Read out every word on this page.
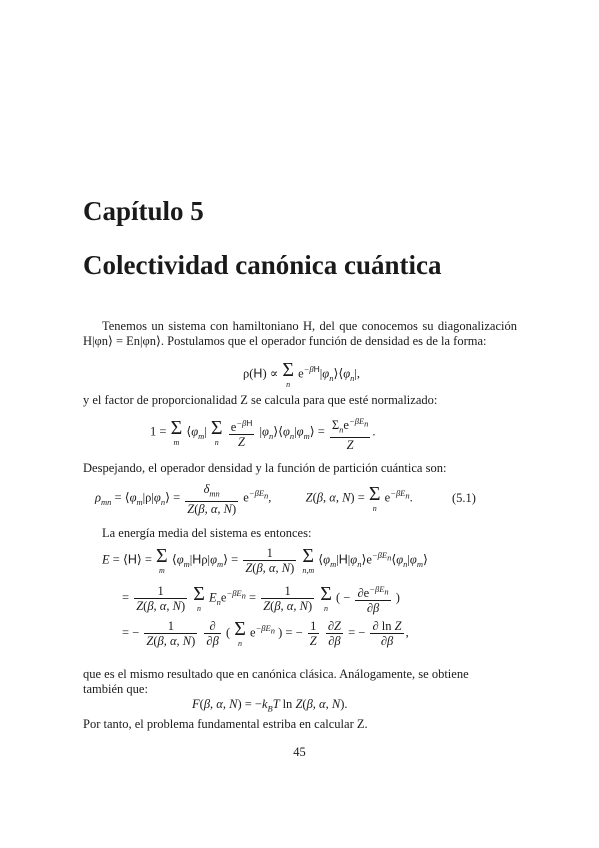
Capítulo 5
Colectividad canónica cuántica
Tenemos un sistema con hamiltoniano H, del que conocemos su diagonalización H|φn⟩ = En|φn⟩. Postulamos que el operador función de densidad es de la forma:
ρ(H) ∝ Σ
n
$e^{-\beta H}|\varphi_n⟩⟨\varphi_n|$,
y el factor de proporcionalidad Z se calcula para que esté normalizado:
1 = Σ
m
$⟨\varphi_m|$ Σ
n
$\frac{e^{-\beta H}}{Z}$ $|\varphi_n⟩⟨\varphi_n|\varphi_m⟩ = \frac{\Sigma_ne^{-\beta E_n}}{Z}$ .
Despejando, el operador densidad y la función de partición cuántica son:
$\rho_{mn}$ = $⟨\varphi_m|\rho|\varphi_n⟩ = \frac{\delta_{mn}}{Z(\beta, \alpha, N)} e^{-\beta E_n}$,  Z(β, α, N) = Σ
n
$e^{-\beta E_n}$.	(5.1)
La energía media del sistema es entonces:
E = ⟨H⟩ = Σ
m
$⟨\varphi_m|H\rho|\varphi_m⟩ = \frac{1}{Z(\beta, \alpha, N)}$
Σ
n,m
$⟨\varphi_m|H|\varphi_n⟩e^{-\beta E_n}⟨\varphi_n|\varphi_m⟩$
= $\frac{1}{Z(\beta, \alpha, N)}$
Σ
n
$E_ne^{-\beta E_n} = \frac{1}{Z(\beta, \alpha, N)}$
Σ
n
( − $\frac{\partial e^{-\beta E_n}}{\partial\beta}$ )
= − $\frac{1}{Z(\beta, \alpha, N)}$
$\frac{\partial}{\partial\beta}$ ( Σ
n
$e^{-\beta E_n}$ ) = − $\frac{1}{Z}$
$\frac{\partial Z}{\partial\beta}$ = − $\frac{\text{∂ ln Z}}{\partial\beta}$ ,
que es el mismo resultado que en canónica clásica. Análogamente, se obtiene
también que:
F(β, α, $N) = -k_BT$ ln Z(β, α, N).
Por tanto, el problema fundamental estriba en calcular Z.
45
